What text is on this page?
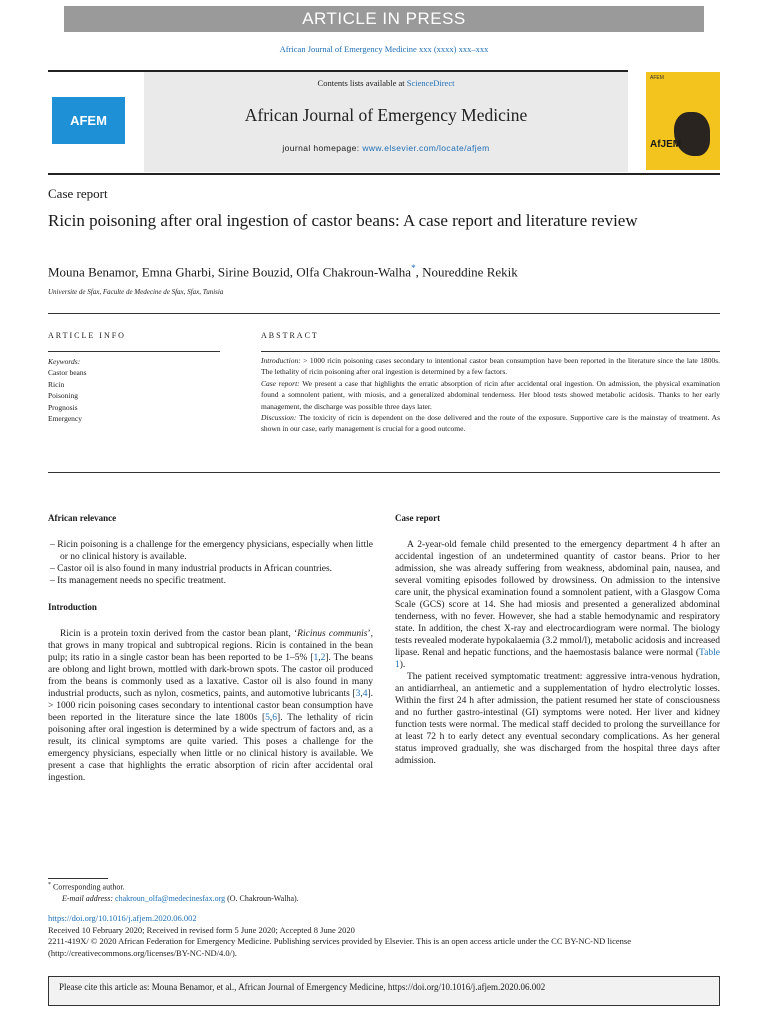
ARTICLE IN PRESS
African Journal of Emergency Medicine xxx (xxxx) xxx–xxx
AFEM
Contents lists available at ScienceDirect
African Journal of Emergency Medicine
journal homepage: www.elsevier.com/locate/afjem
AFEM
AfJEM
Case report
Ricin poisoning after oral ingestion of castor beans: A case report and literature review
Mouna Benamor, Emna Gharbi, Sirine Bouzid, Olfa Chakroun-Walha*, Noureddine Rekik
Universite de Sfax, Faculte de Medecine de Sfax, Sfax, Tunisia
ARTICLE INFO	ABSTRACT
Keywords:
Castor beans
Ricin
Poisoning
Prognosis
Emergency

Introduction: > 1000 ricin poisoning cases secondary to intentional castor bean consumption have been reported in the literature since the late 1800s. The lethality of ricin poisoning after oral ingestion is determined by a few factors.

Case report: We present a case that highlights the erratic absorption of ricin after accidental oral ingestion. On admission, the physical examination found a somnolent patient, with miosis, and a generalized abdominal tenderness. Her blood tests showed metabolic acidosis. Thanks to her early management, the discharge was possible three days later.

Discussion: The toxicity of ricin is dependent on the dose delivered and the route of the exposure. Supportive care is the mainstay of treatment. As shown in our case, early management is crucial for a good outcome.

African relevance
– Ricin poisoning is a challenge for the emergency physicians, especially when little or no clinical history is available.
– Castor oil is also found in many industrial products in African countries.
– Its management needs no specific treatment.
Introduction

Ricin is a protein toxin derived from the castor bean plant, ‘Ricinus communis’, that grows in many tropical and subtropical regions. Ricin is contained in the bean pulp; its ratio in a single castor bean has been reported to be 1–5% [1,2]. The beans are oblong and light brown, mottled with dark-brown spots. The castor oil produced from the beans is commonly used as a laxative. Castor oil is also found in many industrial products, such as nylon, cosmetics, paints, and automotive lubricants [3,4]. > 1000 ricin poisoning cases secondary to intentional castor bean consumption have been reported in the literature since the late 1800s [5,6]. The lethality of ricin poisoning after oral ingestion is determined by a wide spectrum of factors and, as a result, its clinical symptoms are quite varied. This poses a challenge for the emergency physicians, especially when little or no clinical history is available. We present a case that highlights the erratic absorption of ricin after accidental oral ingestion.

Case report

A 2-year-old female child presented to the emergency department 4 h after an accidental ingestion of an undetermined quantity of castor beans. Prior to her admission, she was already suffering from weakness, abdominal pain, nausea, and several vomiting episodes followed by drowsiness. On admission to the intensive care unit, the physical examination found a somnolent patient, with a Glasgow Coma Scale (GCS) score at 14. She had miosis and presented a generalized abdominal tenderness, with no fever. However, she had a stable hemodynamic and respiratory state. In addition, the chest X-ray and electrocardiogram were normal. The biology tests revealed moderate hypokalaemia (3.2 mmol/l), metabolic acidosis and increased lipase. Renal and hepatic functions, and the haemostasis balance were normal (Table 1).

The patient received symptomatic treatment: aggressive intra-venous hydration, an antidiarrheal, an antiemetic and a supplementation of hydro electrolytic losses. Within the first 24 h after admission, the patient resumed her state of consciousness and no further gastro-intestinal (GI) symptoms were noted. Her liver and kidney function tests were normal. The medical staff decided to prolong the surveillance for at least 72 h to early detect any eventual secondary complications. As her general status improved gradually, she was discharged from the hospital three days after admission.

* Corresponding author.
E-mail address: chakroun_olfa@medecinesfax.org (O. Chakroun-Walha).
https://doi.org/10.1016/j.afjem.2020.06.002
Received 10 February 2020; Received in revised form 5 June 2020; Accepted 8 June 2020
2211-419X/ © 2020 African Federation for Emergency Medicine. Publishing services provided by Elsevier. This is an open access article under the CC BY-NC-ND license (http://creativecommons.org/licenses/BY-NC-ND/4.0/).
Please cite this article as: Mouna Benamor, et al., African Journal of Emergency Medicine, https://doi.org/10.1016/j.afjem.2020.06.002
